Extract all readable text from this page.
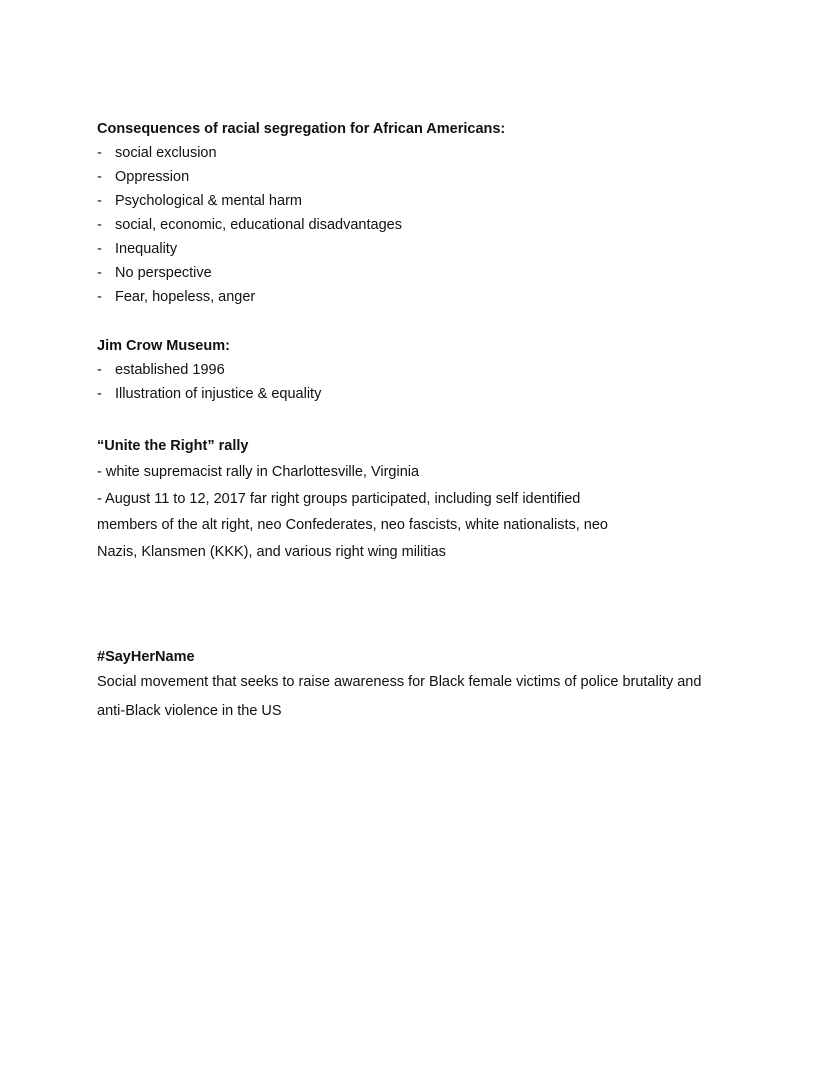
Consequences of racial segregation for African Americans:

- social exclusion
- Oppression
- Psychological & mental harm
- social, economic, educational disadvantages
- Inequality
- No perspective
- Fear, hopeless, anger

Jim Crow Museum:

- established 1996
- Illustration of injustice & equality

“Unite the Right” rally

- white supremacist rally in Charlottesville, Virginia

- August 11 to 12, 2017 far right groups participated, including self identified

members of the alt right, neo Confederates, neo fascists, white nationalists, neo

Nazis, Klansmen (KKK), and various right wing militias

#SayHerName

Social movement that seeks to raise awareness for Black female victims of police brutality and

anti-Black violence in the US
